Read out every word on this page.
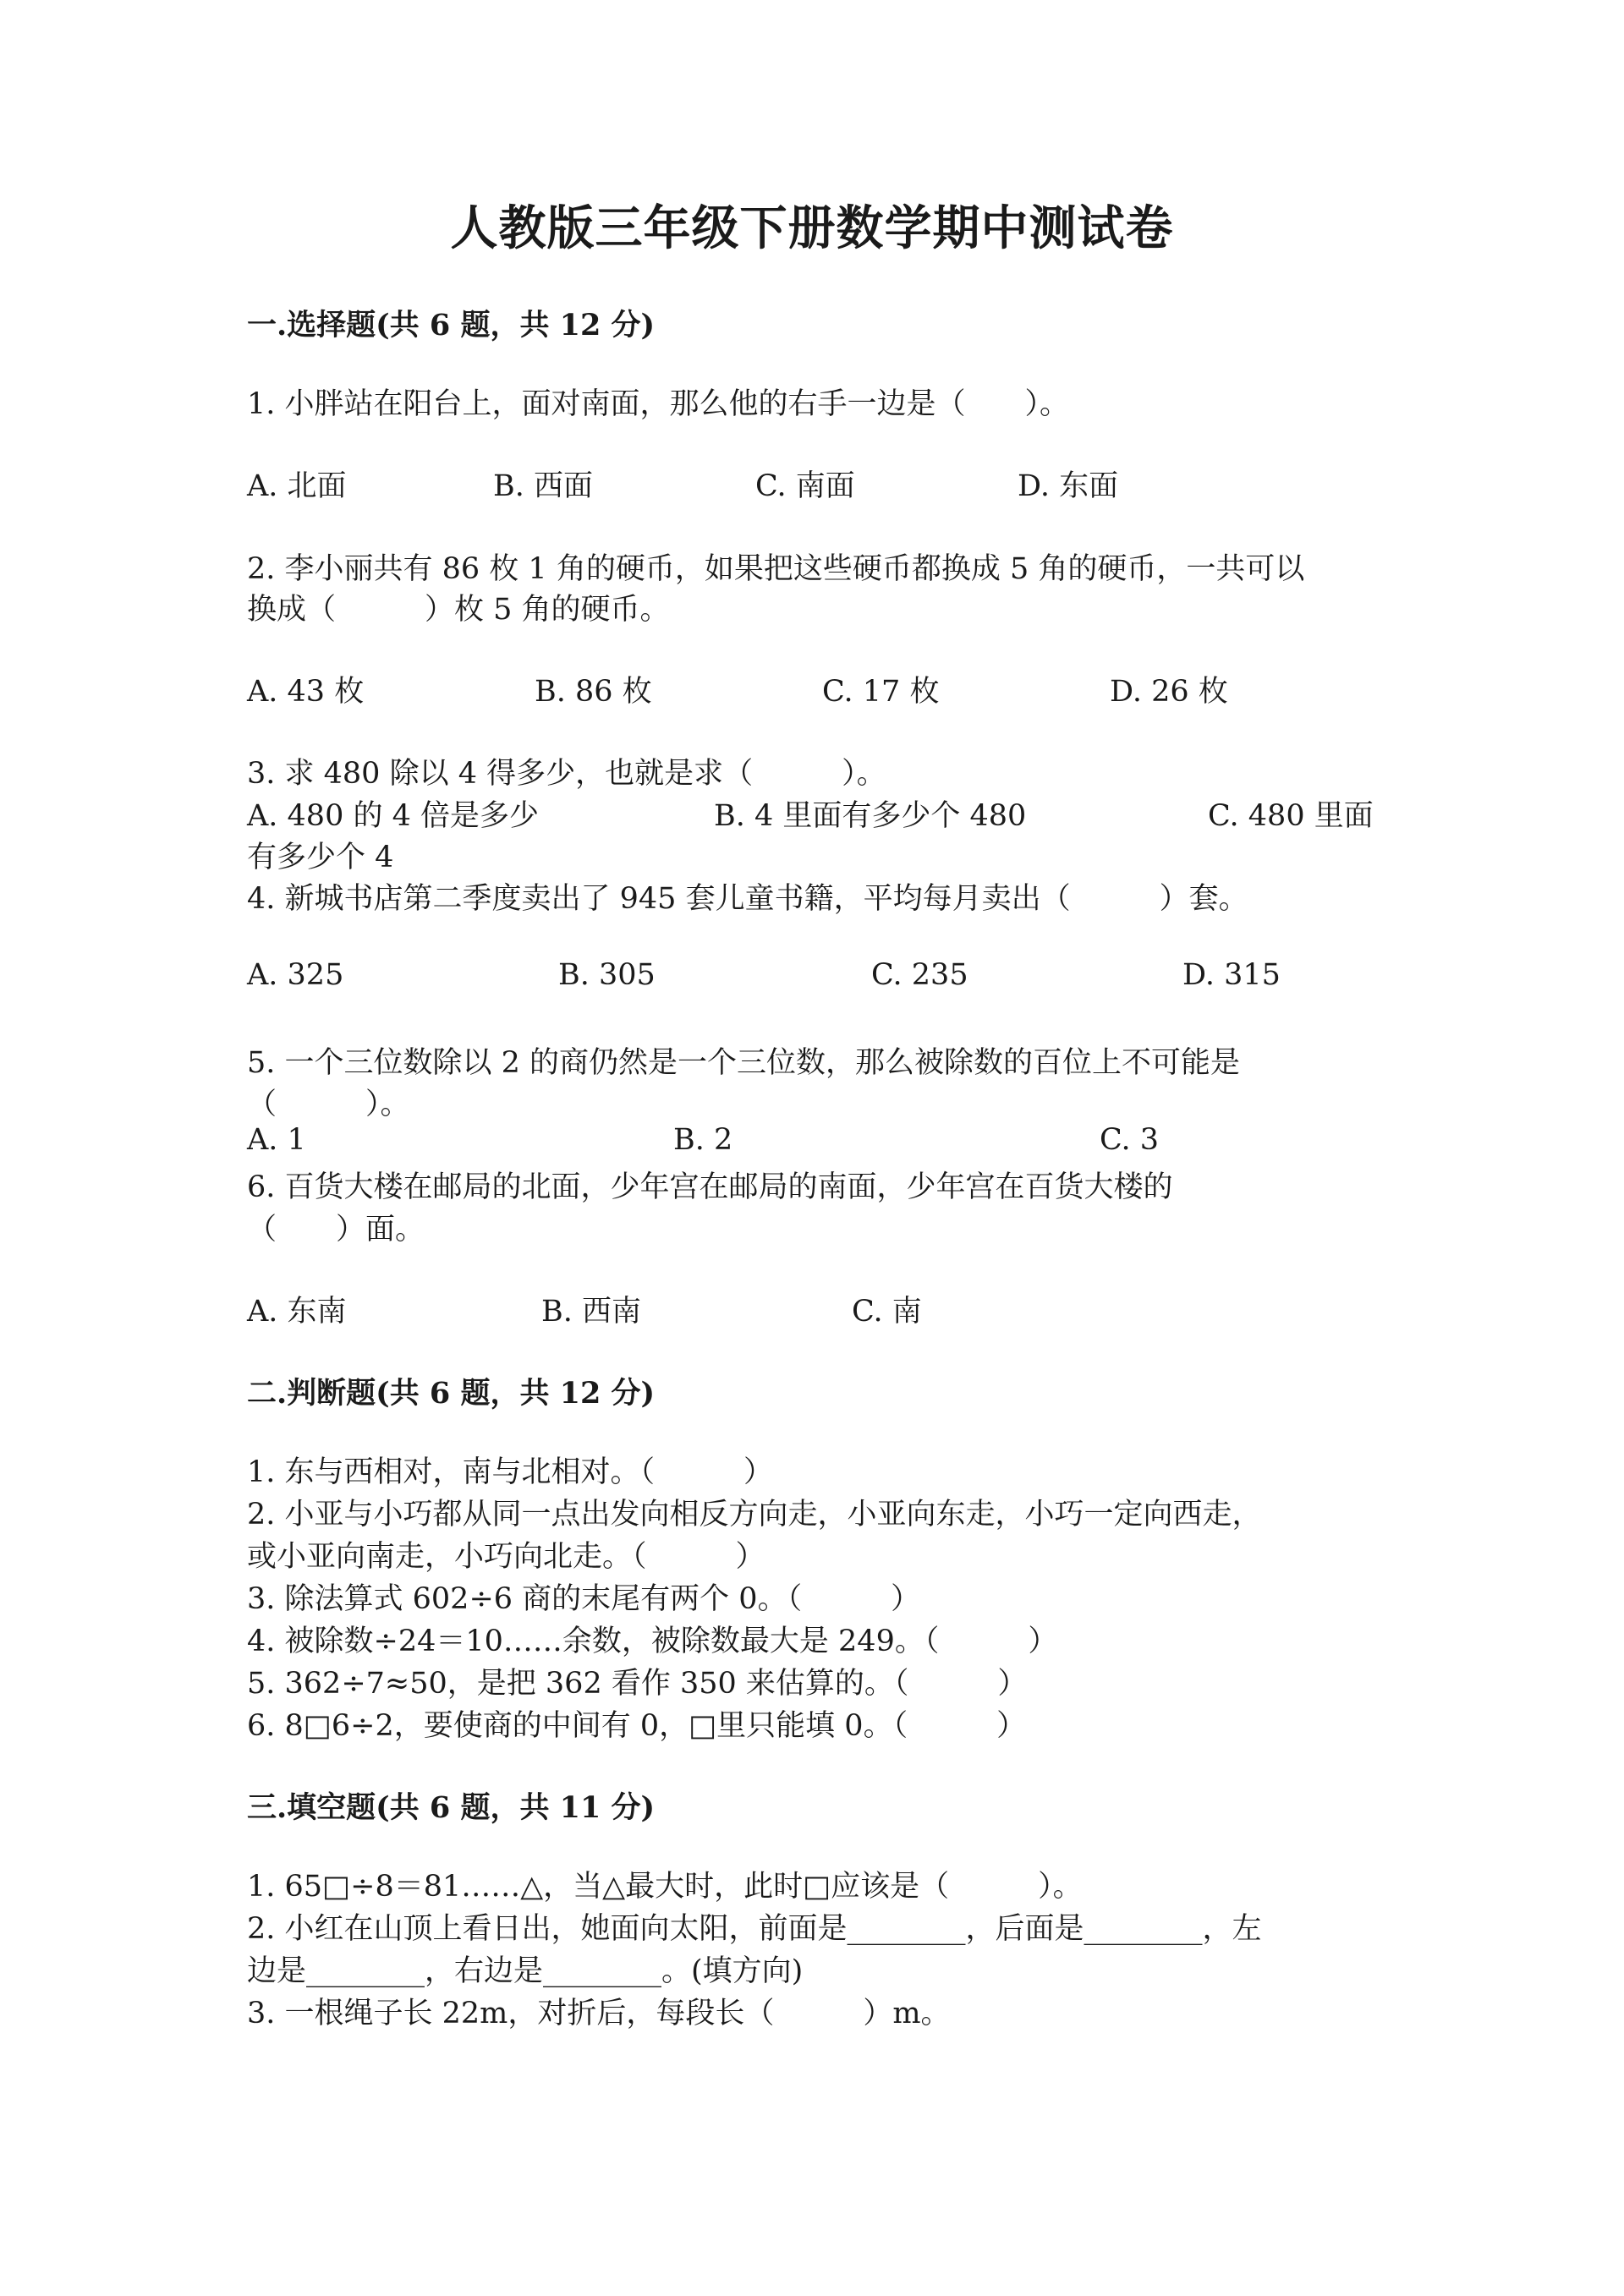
人教版三年级下册数学期中测试卷
一.选择题(共 6 题，共 12 分)
1. 小胖站在阳台上，面对南面，那么他的右手一边是（　　）。
A. 北面	B. 西面	C. 南面	D. 东面
2. 李小丽共有 86 枚 1 角的硬币，如果把这些硬币都换成 5 角的硬币，一共可以
换成（　　　）枚 5 角的硬币。
A. 43 枚	B. 86 枚	C. 17 枚	D. 26 枚
3. 求 480 除以 4 得多少，也就是求（　　　）。
A. 480 的 4 倍是多少	B. 4 里面有多少个 480	C. 480 里面
有多少个 4
4. 新城书店第二季度卖出了 945 套儿童书籍，平均每月卖出（　　　）套。
A. 325	B. 305	C. 235	D. 315
5. 一个三位数除以 2 的商仍然是一个三位数，那么被除数的百位上不可能是
（　　　）。
A. 1	B. 2	C. 3
6. 百货大楼在邮局的北面，少年宫在邮局的南面，少年宫在百货大楼的
（　　）面。
A. 东南	B. 西南	C. 南
二.判断题(共 6 题，共 12 分)
1. 东与西相对，南与北相对。（　　　）
2. 小亚与小巧都从同一点出发向相反方向走，小亚向东走，小巧一定向西走，
或小亚向南走，小巧向北走。（　　　）
3. 除法算式 602÷6 商的末尾有两个 0。（　　　）
4. 被除数÷24＝10……余数，被除数最大是 249。（　　　）
5. 362÷7≈50，是把 362 看作 350 来估算的。（　　　）
6. 8□6÷2，要使商的中间有 0，□里只能填 0。（　　　）
三.填空题(共 6 题，共 11 分)
1. 65□÷8＝81……△，当△最大时，此时□应该是（　　　）。
2. 小红在山顶上看日出，她面向太阳，前面是________，后面是________，左
边是________，右边是________。(填方向)
3. 一根绳子长 22m，对折后，每段长（　　　）m。
